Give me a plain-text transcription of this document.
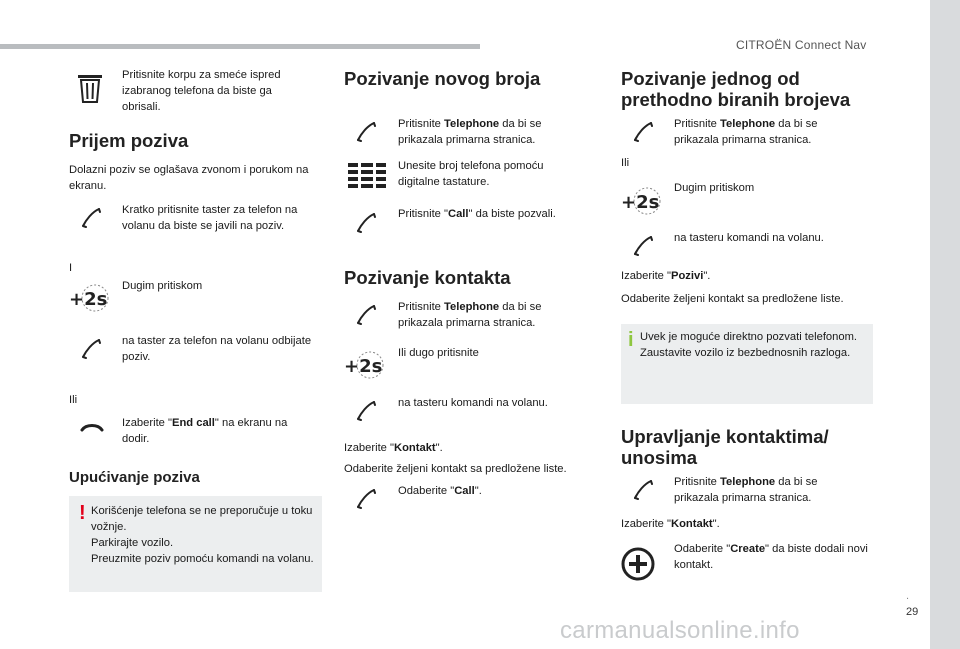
CITROËN Connect Nav
.
29
carmanualsonline.info
Pritisnite korpu za smeće ispred izabranog telefona da biste ga obrisali.
Prijem poziva
Dolazni poziv se oglašava zvonom i porukom na ekranu.
Kratko pritisnite taster za telefon na volanu da biste se javili na poziv.
I
+2s
Dugim pritiskom
na taster za telefon na volanu odbijate poziv.
Ili
Izaberite "End call" na ekranu na dodir.
Upućivanje poziva
! Korišćenje telefona se ne preporučuje u toku vožnje.
Parkirajte vozilo.
Preuzmite poziv pomoću komandi na volanu.
Pozivanje novog broja
Pritisnite Telephone da bi se prikazala primarna stranica.
Unesite broj telefona pomoću digitalne tastature.
Pritisnite "Call" da biste pozvali.
Pozivanje kontakta
Pritisnite Telephone da bi se prikazala primarna stranica.
+2s
Ili dugo pritisnite
na tasteru komandi na volanu.
Izaberite "Kontakt".
Odaberite željeni kontakt sa predložene liste.
Odaberite "Call".
Pozivanje jednog od prethodno biranih brojeva
Pritisnite Telephone da bi se prikazala primarna stranica.
Ili
+2s
Dugim pritiskom
na tasteru komandi na volanu.
Izaberite "Pozivi".
Odaberite željeni kontakt sa predložene liste.
i Uvek je moguće direktno pozvati telefonom. Zaustavite vozilo iz bezbednosnih razloga.
Upravljanje kontaktima/ unosima
Pritisnite Telephone da bi se prikazala primarna stranica.
Izaberite "Kontakt".
Odaberite "Create" da biste dodali novi kontakt.
